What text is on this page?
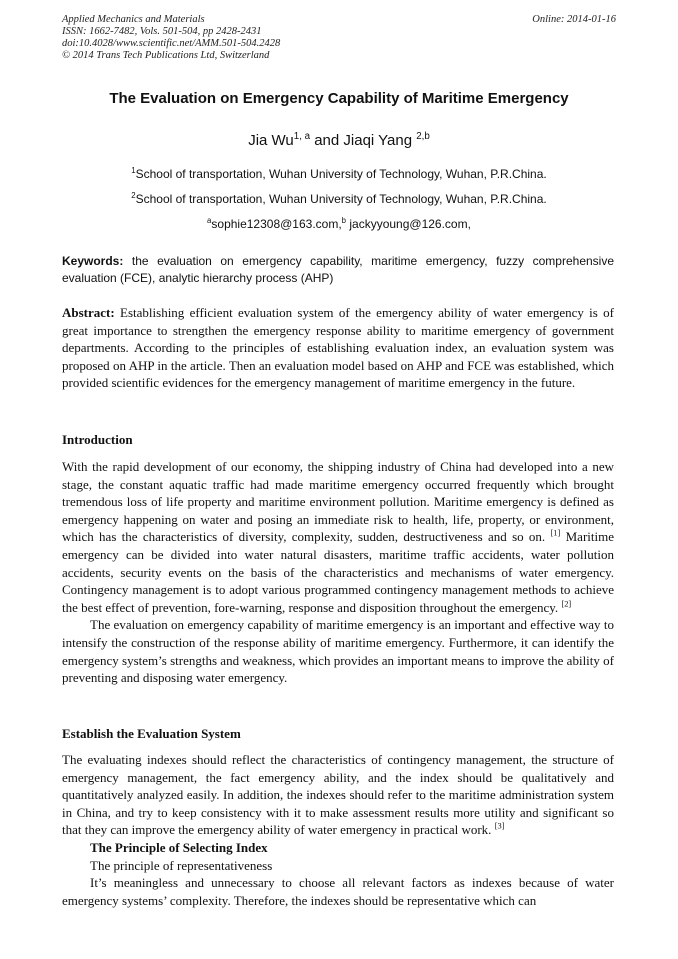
Applied Mechanics and Materials
ISSN: 1662-7482, Vols. 501-504, pp 2428-2431
doi:10.4028/www.scientific.net/AMM.501-504.2428
© 2014 Trans Tech Publications Ltd, Switzerland
Online: 2014-01-16
The Evaluation on Emergency Capability of Maritime Emergency
Jia Wu$^{1, a}$ and Jiaqi Yang $^{2,b}$
$^1$School of transportation, Wuhan University of Technology, Wuhan, P.R.China.
$^2$School of transportation, Wuhan University of Technology, Wuhan, P.R.China.
$^a$sophie12308@163.com,$^b$ jackyyoung@126.com,
Keywords: the evaluation on emergency capability, maritime emergency, fuzzy comprehensive evaluation (FCE), analytic hierarchy process (AHP)
Abstract: Establishing efficient evaluation system of the emergency ability of water emergency is of great importance to strengthen the emergency response ability to maritime emergency of government departments. According to the principles of establishing evaluation index, an evaluation system was proposed on AHP in the article. Then an evaluation model based on AHP and FCE was established, which provided scientific evidences for the emergency management of maritime emergency in the future.
Introduction

With the rapid development of our economy, the shipping industry of China had developed into a new stage, the constant aquatic traffic had made maritime emergency occurred frequently which brought tremendous loss of life property and maritime environment pollution. Maritime emergency is defined as emergency happening on water and posing an immediate risk to health, life, property, or environment, which has the characteristics of diversity, complexity, sudden, destructiveness and so on. [1] Maritime emergency can be divided into water natural disasters, maritime traffic accidents, water pollution accidents, security events on the basis of the characteristics and mechanisms of water emergency. Contingency management is to adopt various programmed contingency management methods to achieve the best effect of prevention, fore-warning, response and disposition throughout the emergency. [2]

The evaluation on emergency capability of maritime emergency is an important and effective way to intensify the construction of the response ability of maritime emergency. Furthermore, it can identify the emergency system’s strengths and weakness, which provides an important means to improve the ability of preventing and disposing water emergency.

Establish the Evaluation System

The evaluating indexes should reflect the characteristics of contingency management, the structure of emergency management, the fact emergency ability, and the index should be qualitatively and quantitatively analyzed easily. In addition, the indexes should refer to the maritime administration system in China, and try to keep consistency with it to make assessment results more utility and significant so that they can improve the emergency ability of water emergency in practical work. [3]

The Principle of Selecting Index

The principle of representativeness

It’s meaningless and unnecessary to choose all relevant factors as indexes because of water emergency systems’ complexity. Therefore, the indexes should be representative which can
